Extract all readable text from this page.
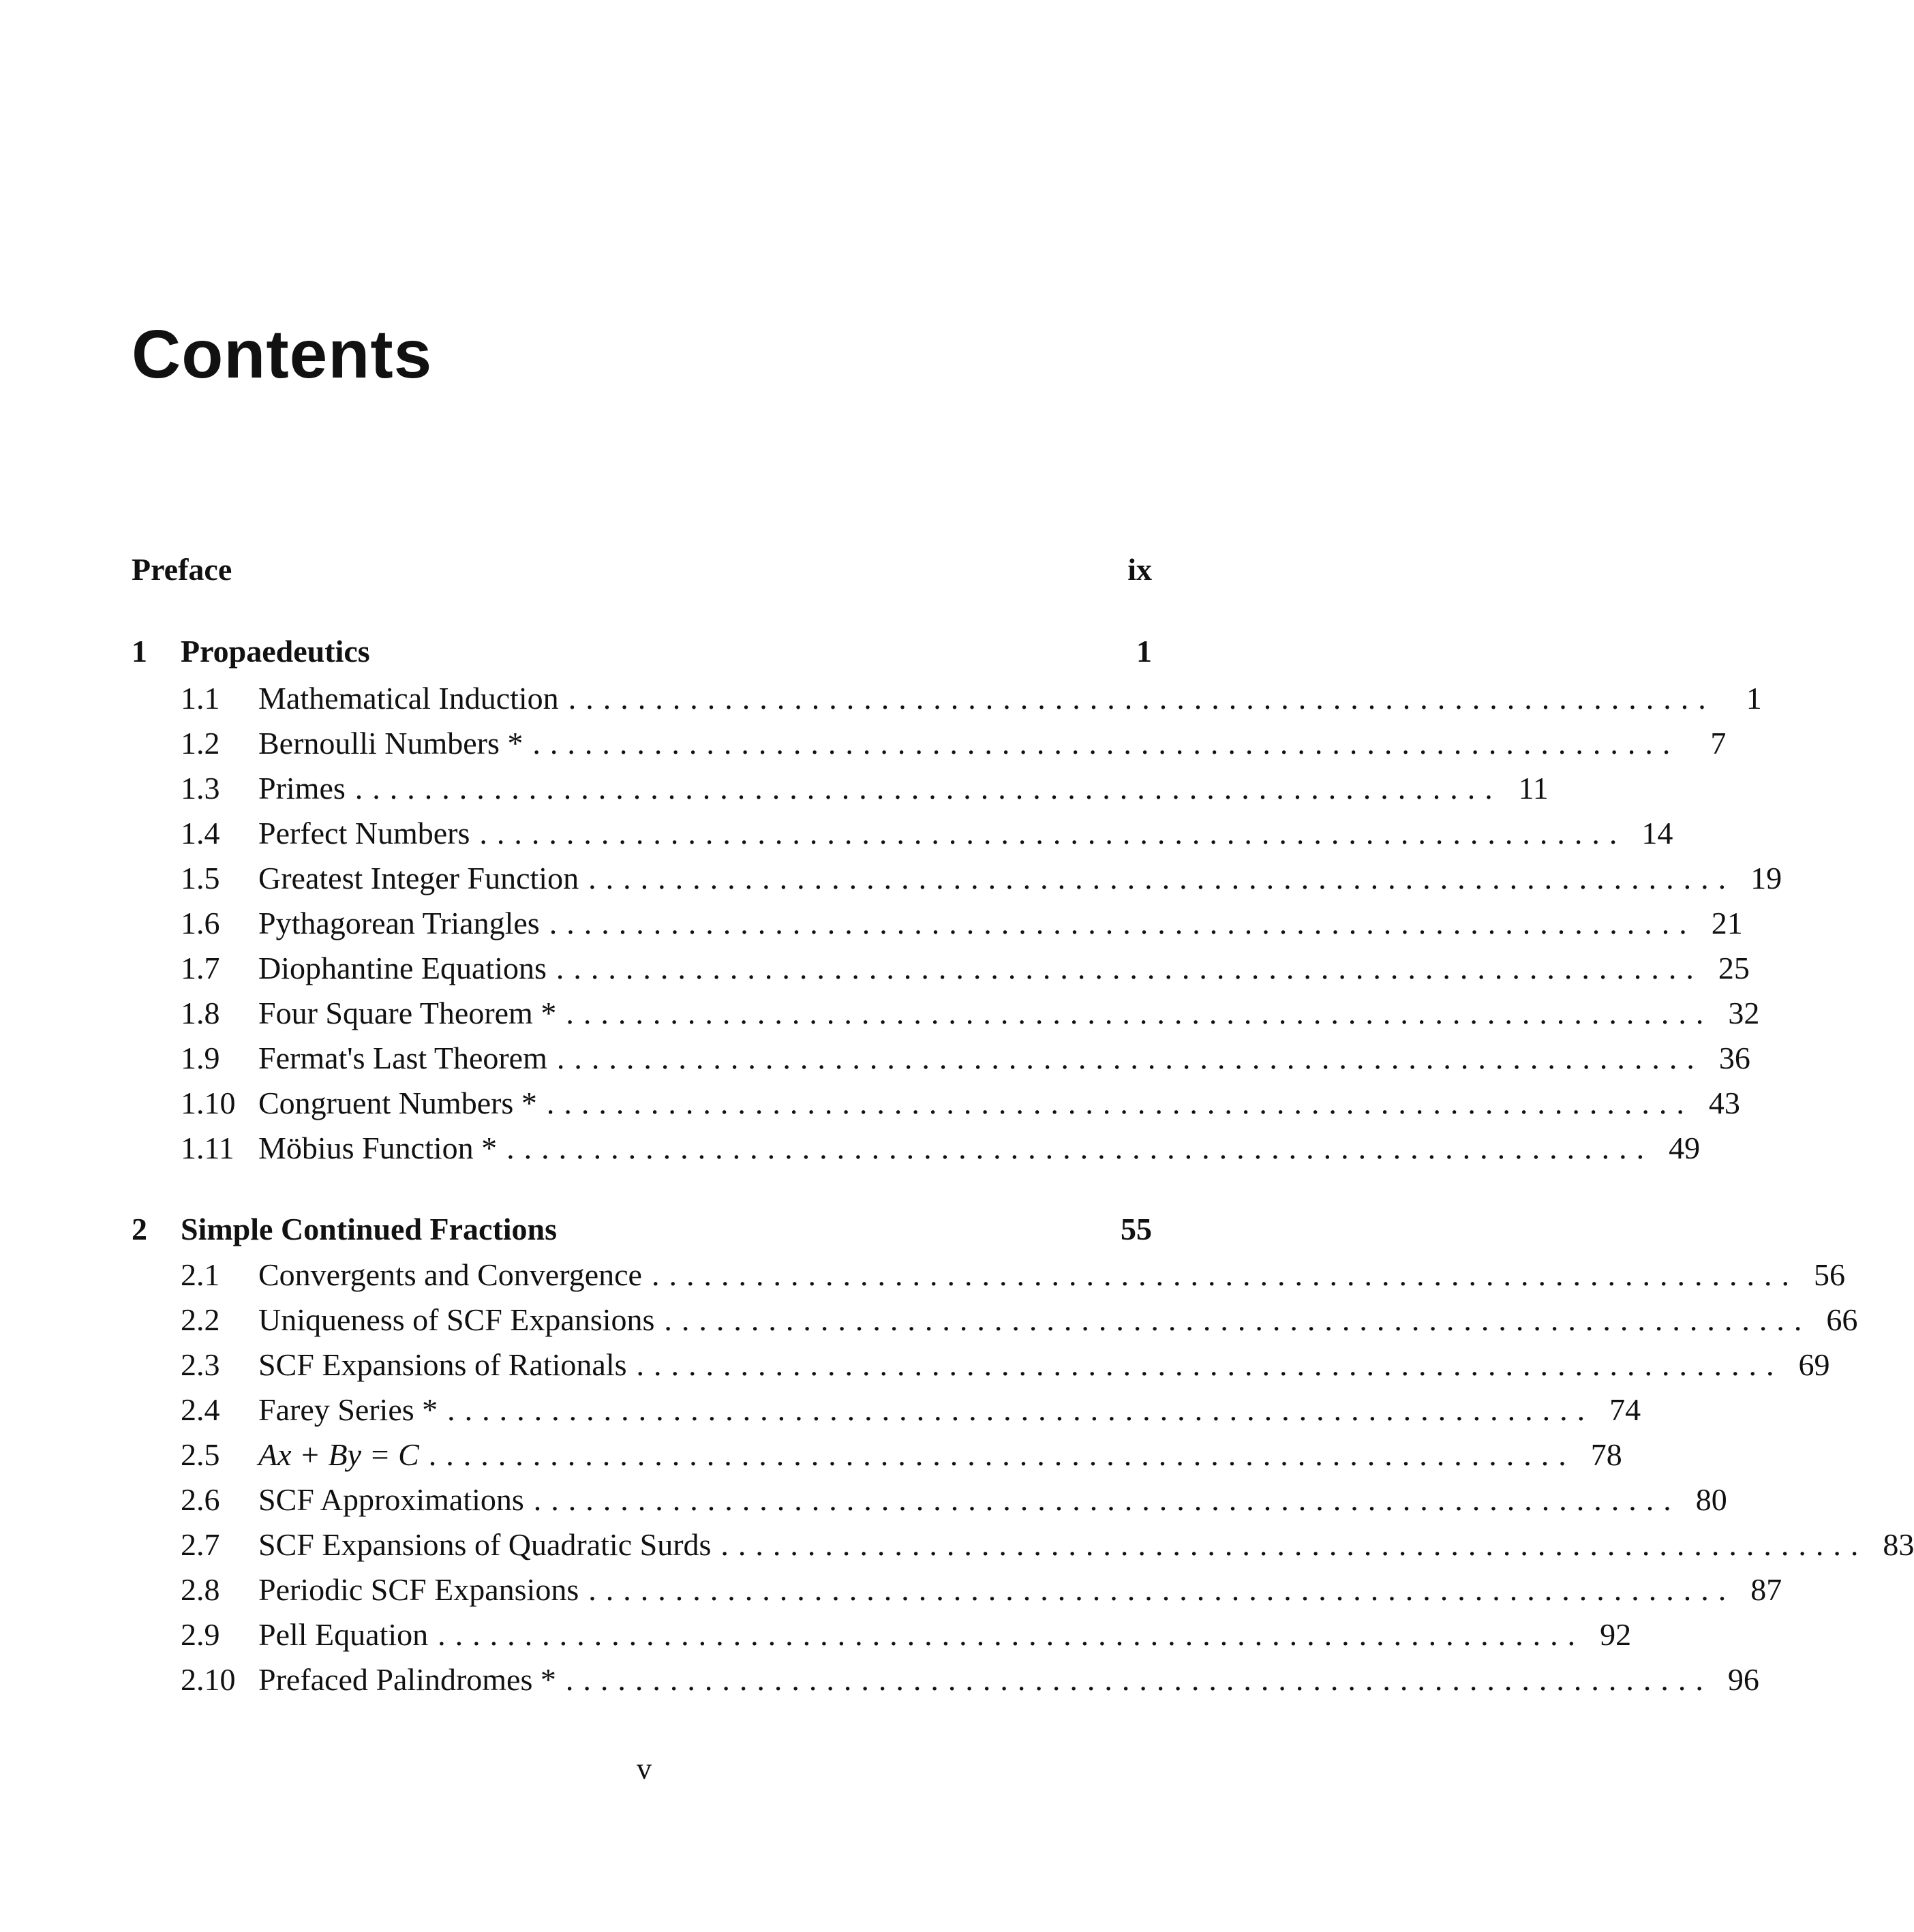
Contents
Preface	ix
1	Propaedeutics	1
1.1	Mathematical Induction .................................................................. 1
1.2	Bernoulli Numbers * .................................................................. 7
1.3	Primes .................................................................. 11
1.4	Perfect Numbers .................................................................. 14
1.5	Greatest Integer Function .................................................................. 19
1.6	Pythagorean Triangles .................................................................. 21
1.7	Diophantine Equations .................................................................. 25
1.8	Four Square Theorem * .................................................................. 32
1.9	Fermat's Last Theorem .................................................................. 36
1.10 Congruent Numbers * .................................................................. 43
1.11 Möbius Function * .................................................................. 49
2	Simple Continued Fractions	55
2.1	Convergents and Convergence .................................................................. 56
2.2	Uniqueness of SCF Expansions .................................................................. 66
2.3	SCF Expansions of Rationals .................................................................. 69
2.4	Farey Series * .................................................................. 74
2.5	Ax + By = C .................................................................. 78
2.6	SCF Approximations .................................................................. 80
2.7	SCF Expansions of Quadratic Surds .................................................................. 83
2.8	Periodic SCF Expansions .................................................................. 87
2.9	Pell Equation .................................................................. 92
2.10 Prefaced Palindromes * .................................................................. 96
v
